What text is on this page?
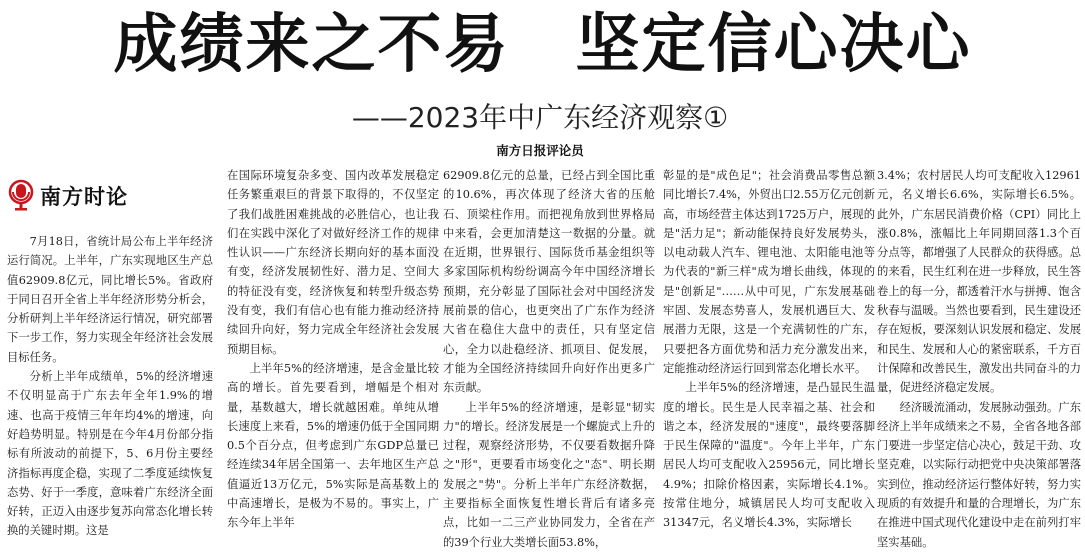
成绩来之不易　坚定信心决心
——2023年中广东经济观察①
南方日报评论员
南方时论

7月18日，省统计局公布上半年经济运行简况。上半年，广东实现地区生产总值62909.8亿元，同比增长5%。省政府于同日召开全省上半年经济形势分析会，分析研判上半年经济运行情况，研究部署下一步工作，努力实现全年经济社会发展目标任务。

分析上半年成绩单，5%的经济增速不仅明显高于广东去年全年1.9%的增速、也高于疫情三年年均4%的增速，向好趋势明显。特别是在今年4月份部分指标有所波动的前提下，5、6月份主要经济指标再度企稳，实现了二季度延续恢复态势、好于一季度，意味着广东经济全面好转，正迈入由逐步复苏向常态化增长转换的关键时期。这是

在国际环境复杂多变、国内改革发展稳定任务繁重艰巨的背景下取得的，不仅坚定了我们战胜困难挑战的必胜信心，也让我们在实践中深化了对做好经济工作的规律性认识——广东经济长期向好的基本面没有变，经济发展韧性好、潜力足、空间大的特征没有变，经济恢复和转型升级态势没有变，我们有信心也有能力推动经济持续回升向好，努力完成全年经济社会发展预期目标。

上半年5%的经济增速，是含金量比较高的增长。首先要看到，增幅是个相对量，基数越大，增长就越困难。单纯从增长速度上来看，5%的增速仍低于全国同期0.5个百分点，但考虑到广东GDP总量已经连续34年居全国第一、去年地区生产总值逼近13万亿元，5%实际是高基数上的中高速增长，是极为不易的。事实上，广东今年上半年

62909.8亿元的总量，已经占到全国比重的10.6%，再次体现了经济大省的压舱石、顶梁柱作用。而把视角放到世界格局中来看，会更加清楚这一数据的分量。就在近期，世界银行、国际货币基金组织等多家国际机构纷纷调高今年中国经济增长预期，充分彰显了国际社会对中国经济发展前景的信心，也更突出了广东作为经济大省在稳住大盘中的责任，只有坚定信心，全力以赴稳经济、抓项目、促发展，才能为全国经济持续回升向好作出更多广东贡献。

上半年5%的经济增速，是彰显"韧实力"的增长。经济发展是一个螺旋式上升的过程，观察经济形势，不仅要看数据升降之"形"，更要看市场变化之"态"、明长期发展之"势"。分析上半年广东经济数据，主要指标全面恢复性增长背后有诸多亮点，比如一二三产业协同发力，全省在产的39个行业大类增长面53.8%，

彰显的是"成色足"；社会消费品零售总额同比增长7.4%，外贸出口2.55万亿元创新高，市场经营主体达到1725万户，展现的是"活力足"；新动能保持良好发展势头，以电动载人汽车、锂电池、太阳能电池等为代表的"新三样"成为增长曲线，体现的是"创新足"……从中可见，广东发展基础牢固、发展态势喜人，发展机遇巨大、发展潜力无限，这是一个充满韧性的广东，只要把各方面优势和活力充分激发出来，定能推动经济运行回到常态化增长水平。

上半年5%的经济增速，是凸显民生温度的增长。民生是人民幸福之基、社会和谐之本，经济发展的"速度"，最终要落脚于民生保障的"温度"。今年上半年，广东居民人均可支配收入25956元，同比增长4.9%；扣除价格因素，实际增长4.1%。按常住地分，城镇居民人均可支配收入31347元，名义增长4.3%，实际增长

3.4%；农村居民人均可支配收入12961元，名义增长6.6%，实际增长6.5%。此外，广东居民消费价格（CPI）同比上涨0.8%，涨幅比上年同期回落1.3个百分点等，都增强了人民群众的获得感。总的来看，民生红利在进一步释放，民生答卷上的每一分，都透着汗水与拼搏、饱含秋春与温暖。当然也要看到，民生建设还存在短板，要深刻认识发展和稳定、发展和民生、发展和人心的紧密联系，千方百计保障和改善民生，激发出共同奋斗的力量，促进经济稳定发展。

经济暖流涌动，发展脉动强劲。广东经济上半年成绩来之不易，全省各地各部门要进一步坚定信心决心，鼓足干劲、攻坚克难，以实际行动把党中央决策部署落实到位，推动经济运行整体好转，努力实现质的有效提升和量的合理增长，为广东在推进中国式现代化建设中走在前列打牢坚实基础。
